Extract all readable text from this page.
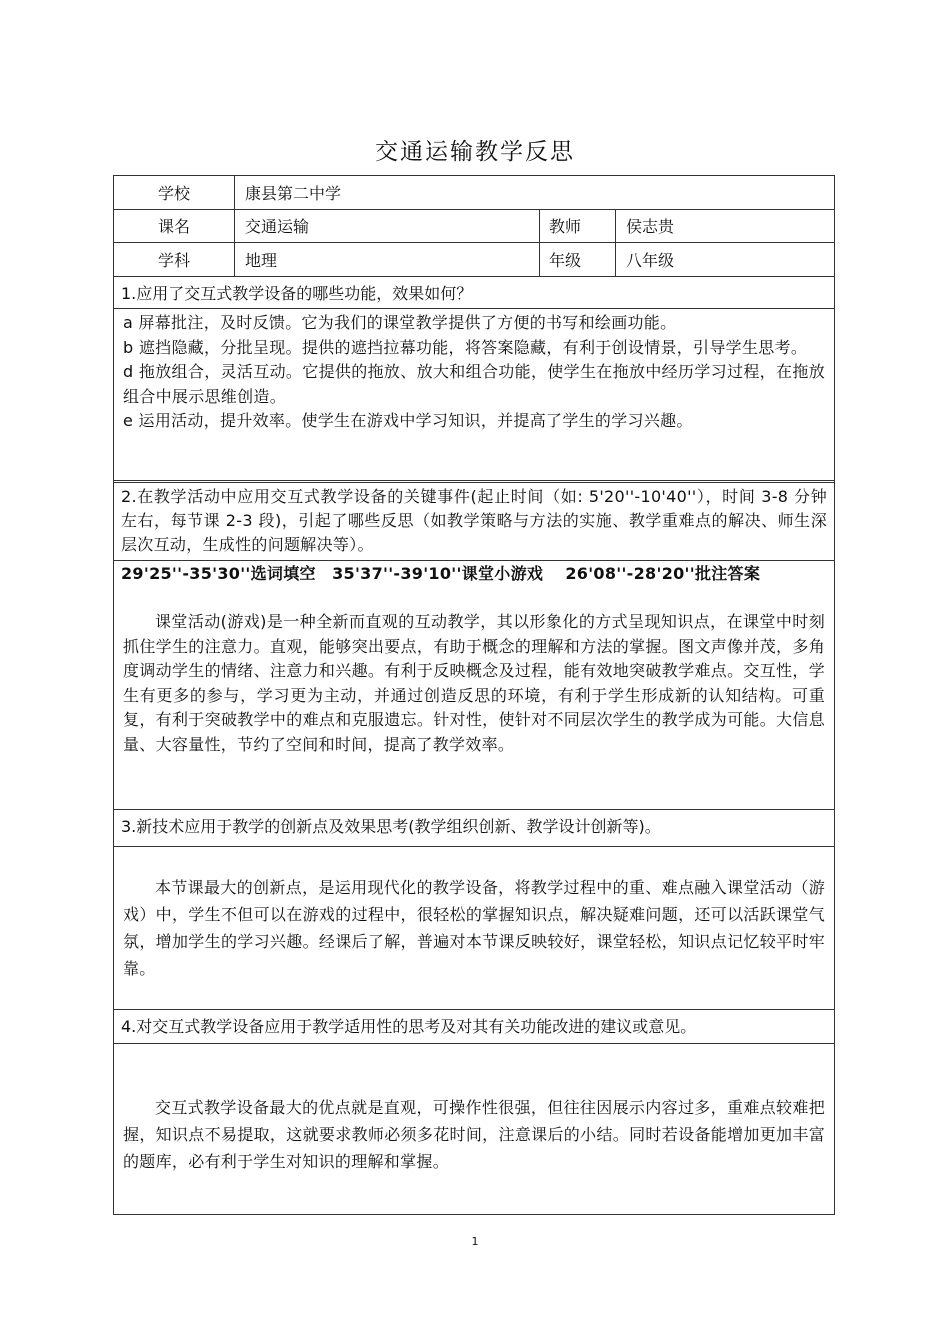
交通运输教学反思
学校	康县第二中学
课名	交通运输	教师	侯志贵
学科	地理	年级	八年级
1.应用了交互式教学设备的哪些功能，效果如何？

a 屏幕批注，及时反馈。它为我们的课堂教学提供了方便的书写和绘画功能。

b 遮挡隐藏，分批呈现。提供的遮挡拉幕功能，将答案隐藏，有利于创设情景，引导学生思考。

d 拖放组合，灵活互动。它提供的拖放、放大和组合功能，使学生在拖放中经历学习过程，在拖放组合中展示思维创造。

e 运用活动，提升效率。使学生在游戏中学习知识，并提高了学生的学习兴趣。

2.在教学活动中应用交互式教学设备的关键事件(起止时间（如: 5'20''-10'40''），时间 3-8 分钟左右，每节课 2-3 段)，引起了哪些反思（如教学策略与方法的实施、教学重难点的解决、师生深层次互动，生成性的问题解决等）。
29'25''-35'30''选词填空　35'37''-39'10''课堂小游戏　 26'08''-28'20''批注答案
课堂活动(游戏)是一种全新而直观的互动教学，其以形象化的方式呈现知识点，在课堂中时刻抓住学生的注意力。直观，能够突出要点，有助于概念的理解和方法的掌握。图文声像并茂，多角度调动学生的情绪、注意力和兴趣。有利于反映概念及过程，能有效地突破教学难点。交互性，学生有更多的参与，学习更为主动，并通过创造反思的环境，有利于学生形成新的认知结构。可重复，有利于突破教学中的难点和克服遗忘。针对性，使针对不同层次学生的教学成为可能。大信息量、大容量性，节约了空间和时间，提高了教学效率。
3.新技术应用于教学的创新点及效果思考(教学组织创新、教学设计创新等)。
本节课最大的创新点，是运用现代化的教学设备，将教学过程中的重、难点融入课堂活动（游戏）中，学生不但可以在游戏的过程中，很轻松的掌握知识点，解决疑难问题，还可以活跃课堂气氛，增加学生的学习兴趣。经课后了解，普遍对本节课反映较好，课堂轻松，知识点记忆较平时牢靠。
4.对交互式教学设备应用于教学适用性的思考及对其有关功能改进的建议或意见。
交互式教学设备最大的优点就是直观，可操作性很强，但往往因展示内容过多，重难点较难把握，知识点不易提取，这就要求教师必须多花时间，注意课后的小结。同时若设备能增加更加丰富的题库，必有利于学生对知识的理解和掌握。
1
